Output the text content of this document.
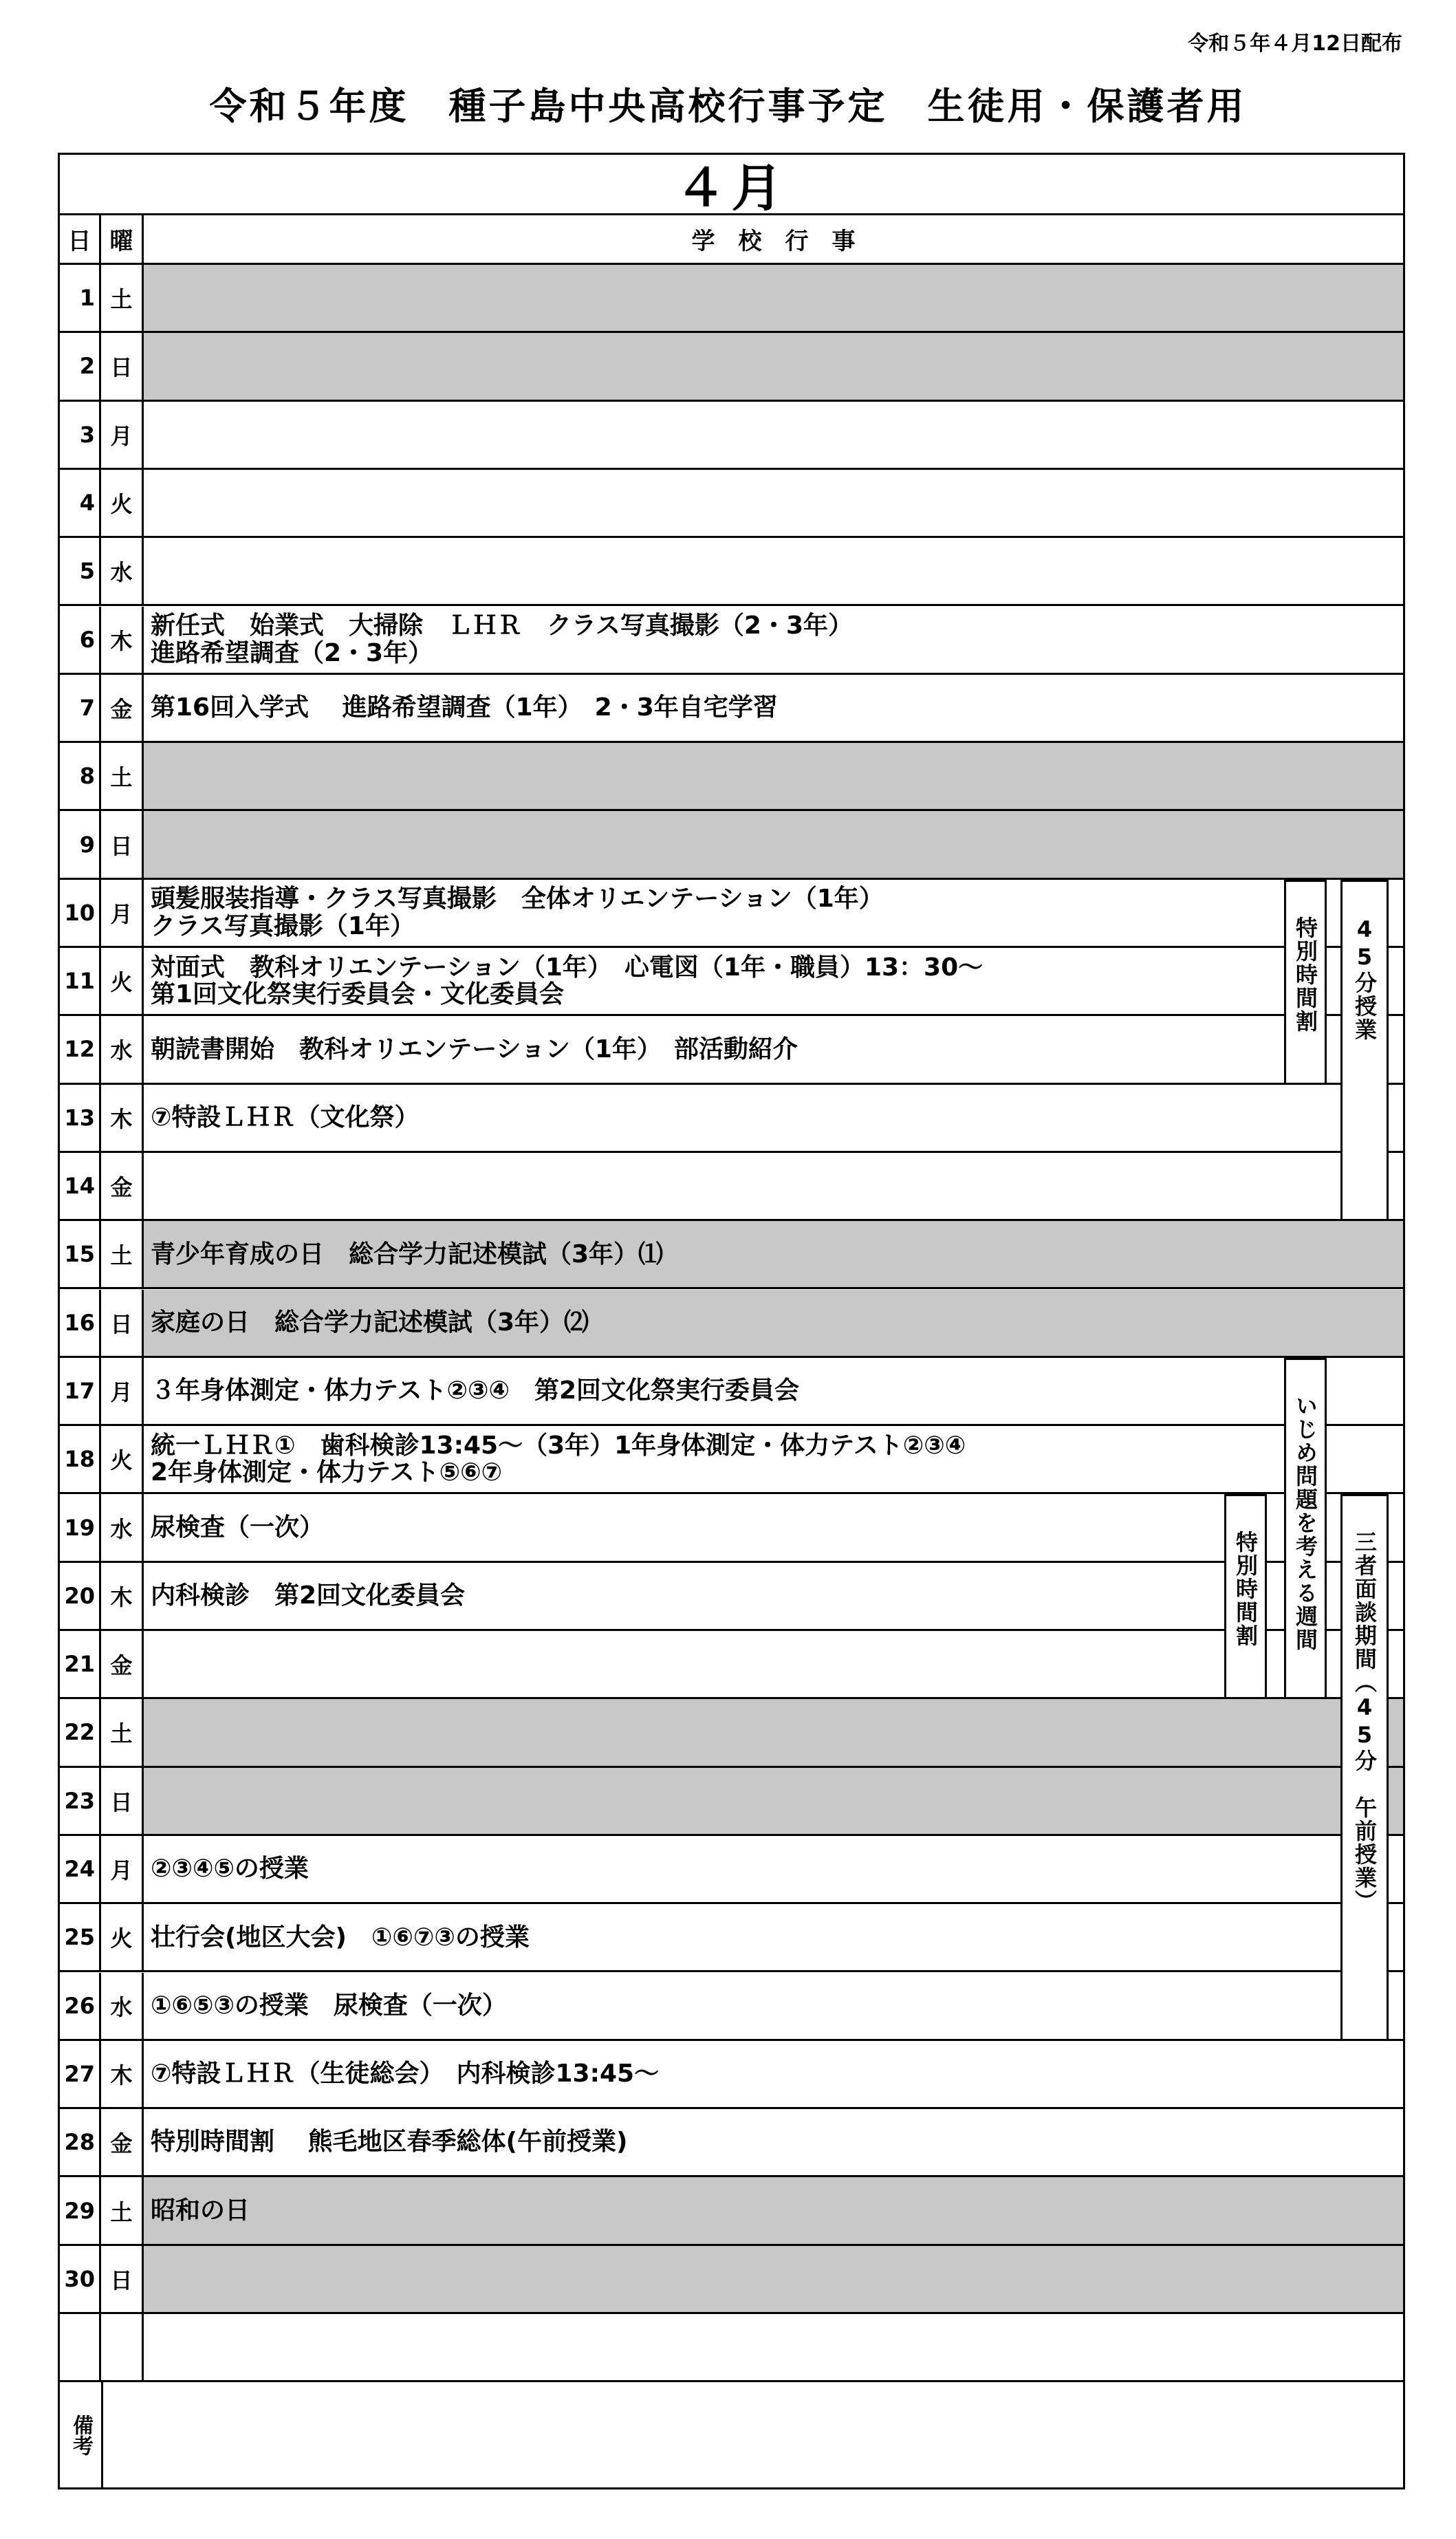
令和５年４月12日配布
令和５年度　種子島中央高校行事予定　生徒用・保護者用
４月
日 曜	学　校　行　事
1 土
2 日
3 月
4 火
5 水
6 木
新任式　始業式　大掃除　ＬＨＲ　クラス写真撮影（2・3年）
進路希望調査（2・3年）
7 金 第16回入学式　 進路希望調査（1年）　2・3年自宅学習
8 土
9 日
10 月
頭髪服装指導・クラス写真撮影　全体オリエンテーション（1年）
クラス写真撮影（1年）
11 火
対面式　教科オリエンテーション（1年）　心電図（1年・職員）13：30～
第1回文化祭実行委員会・文化委員会
12 水 朝読書開始　教科オリエンテーション（1年）　部活動紹介
13 木 ⑦特設ＬＨＲ（文化祭）
14 金
15 土 青少年育成の日　総合学力記述模試（3年）⑴
16 日 家庭の日　総合学力記述模試（3年）⑵
17 月 ３年身体測定・体力テスト②③④　第2回文化祭実行委員会
18 火
統一ＬＨＲ①　歯科検診13:45～（3年）1年身体測定・体力テスト②③④
2年身体測定・体力テスト⑤⑥⑦
19 水 尿検査（一次）
20 木 内科検診　第2回文化委員会
21 金
22 土
23 日
24 月 ②③④⑤の授業
25 火 壮行会(地区大会)　①⑥⑦③の授業
26 水 ①⑥⑤③の授業　尿検査（一次）
27 木 ⑦特設ＬＨＲ（生徒総会）　内科検診13:45～
28 金 特別時間割　 熊毛地区春季総体(午前授業)
29 土 昭和の日
30 日
備考
特別時間割	45分授業
いじめ問題を考える週間
特別時間割	三者面談期間（45分　午前授業）
